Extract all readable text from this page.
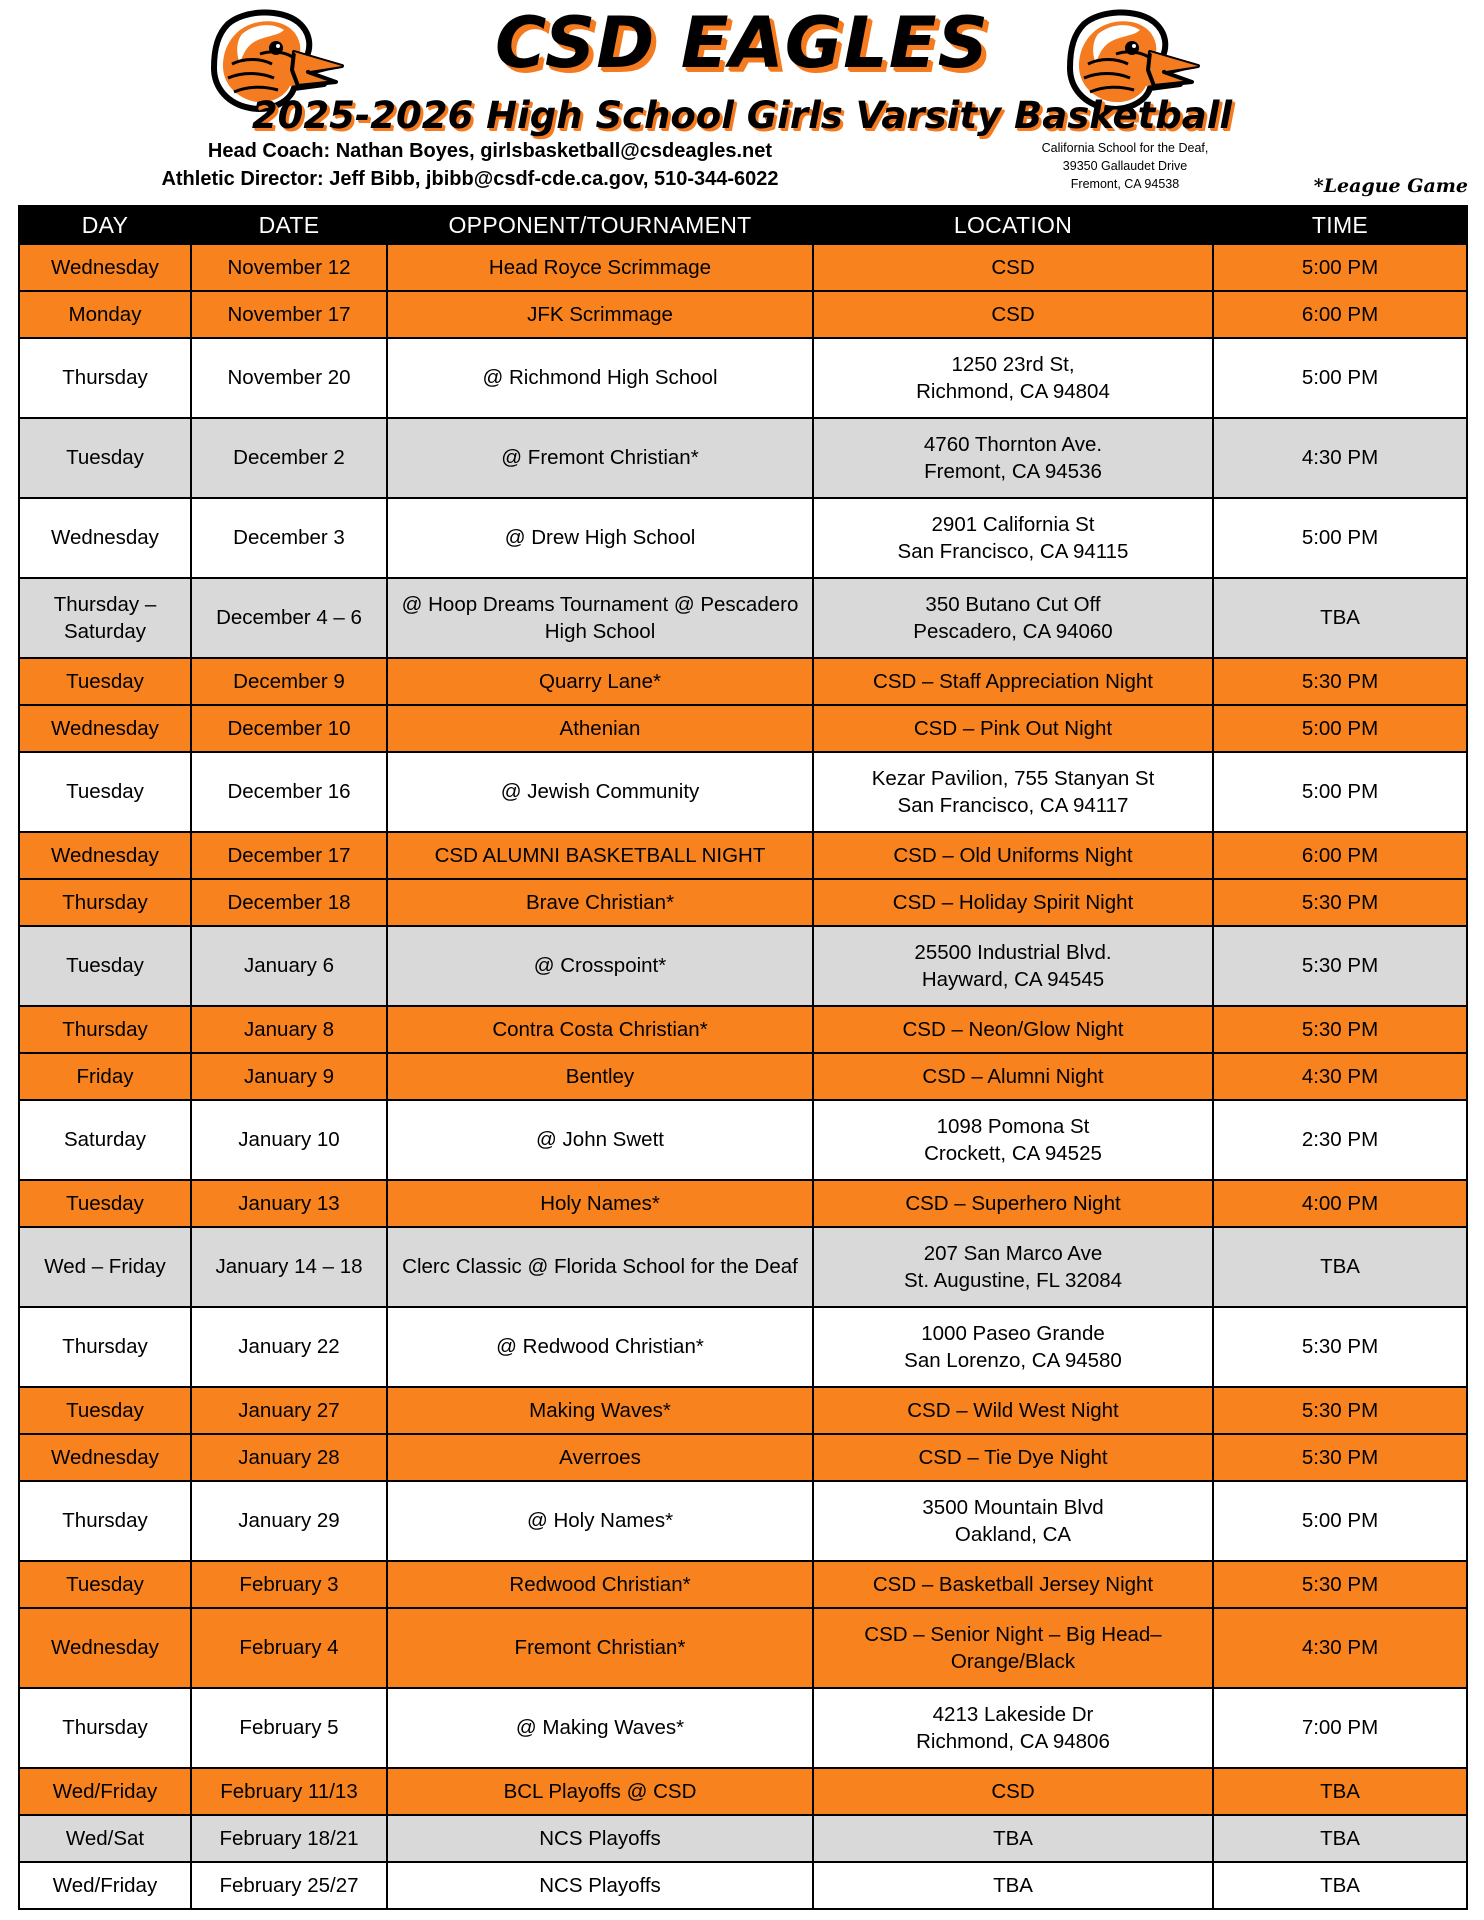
CSD EAGLES
2025-2026 High School Girls Varsity Basketball
Head Coach: Nathan Boyes, girlsbasketball@csdeagles.net
Athletic Director: Jeff Bibb, jbibb@csdf-cde.ca.gov, 510-344-6022
California School for the Deaf,
39350 Gallaudet Drive
Fremont, CA 94538	*League Game
DAY	DATE	OPPONENT/TOURNAMENT	LOCATION	TIME
Wednesday	November 12	Head Royce Scrimmage	CSD	5:00 PM
Monday	November 17	JFK Scrimmage	CSD	6:00 PM
Thursday	November 20	@ Richmond High School	1250 23rd St,
Richmond, CA 94804	5:00 PM
Tuesday	December 2	@ Fremont Christian*	4760 Thornton Ave.
Fremont, CA 94536	4:30 PM
Wednesday	December 3	@ Drew High School	2901 California St
San Francisco, CA 94115	5:00 PM
Thursday – Saturday	December 4 – 6	@ Hoop Dreams Tournament @ Pescadero High School	350 Butano Cut Off
Pescadero, CA 94060	TBA
Tuesday	December 9	Quarry Lane*	CSD – Staff Appreciation Night	5:30 PM
Wednesday	December 10	Athenian	CSD – Pink Out Night	5:00 PM
Tuesday	December 16	@ Jewish Community	Kezar Pavilion, 755 Stanyan St
San Francisco, CA 94117	5:00 PM
Wednesday	December 17	CSD ALUMNI BASKETBALL NIGHT	CSD – Old Uniforms Night	6:00 PM
Thursday	December 18	Brave Christian*	CSD – Holiday Spirit Night	5:30 PM
Tuesday	January 6	@ Crosspoint*	25500 Industrial Blvd.
Hayward, CA 94545	5:30 PM
Thursday	January 8	Contra Costa Christian*	CSD – Neon/Glow Night	5:30 PM
Friday	January 9	Bentley	CSD – Alumni Night	4:30 PM
Saturday	January 10	@ John Swett	1098 Pomona St
Crockett, CA 94525	2:30 PM
Tuesday	January 13	Holy Names*	CSD – Superhero Night	4:00 PM
Wed – Friday	January 14 – 18	Clerc Classic @ Florida School for the Deaf	207 San Marco Ave
St. Augustine, FL 32084	TBA
Thursday	January 22	@ Redwood Christian*	1000 Paseo Grande
San Lorenzo, CA 94580	5:30 PM
Tuesday	January 27	Making Waves*	CSD – Wild West Night	5:30 PM
Wednesday	January 28	Averroes	CSD – Tie Dye Night	5:30 PM
Thursday	January 29	@ Holy Names*	3500 Mountain Blvd
Oakland, CA	5:00 PM
Tuesday	February 3	Redwood Christian*	CSD – Basketball Jersey Night	5:30 PM
Wednesday	February 4	Fremont Christian*	CSD – Senior Night – Big Head–Orange/Black	4:30 PM
Thursday	February 5	@ Making Waves*	4213 Lakeside Dr
Richmond, CA 94806	7:00 PM
Wed/Friday	February 11/13	BCL Playoffs @ CSD	CSD	TBA
Wed/Sat	February 18/21	NCS Playoffs	TBA	TBA
Wed/Friday	February 25/27	NCS Playoffs	TBA	TBA
